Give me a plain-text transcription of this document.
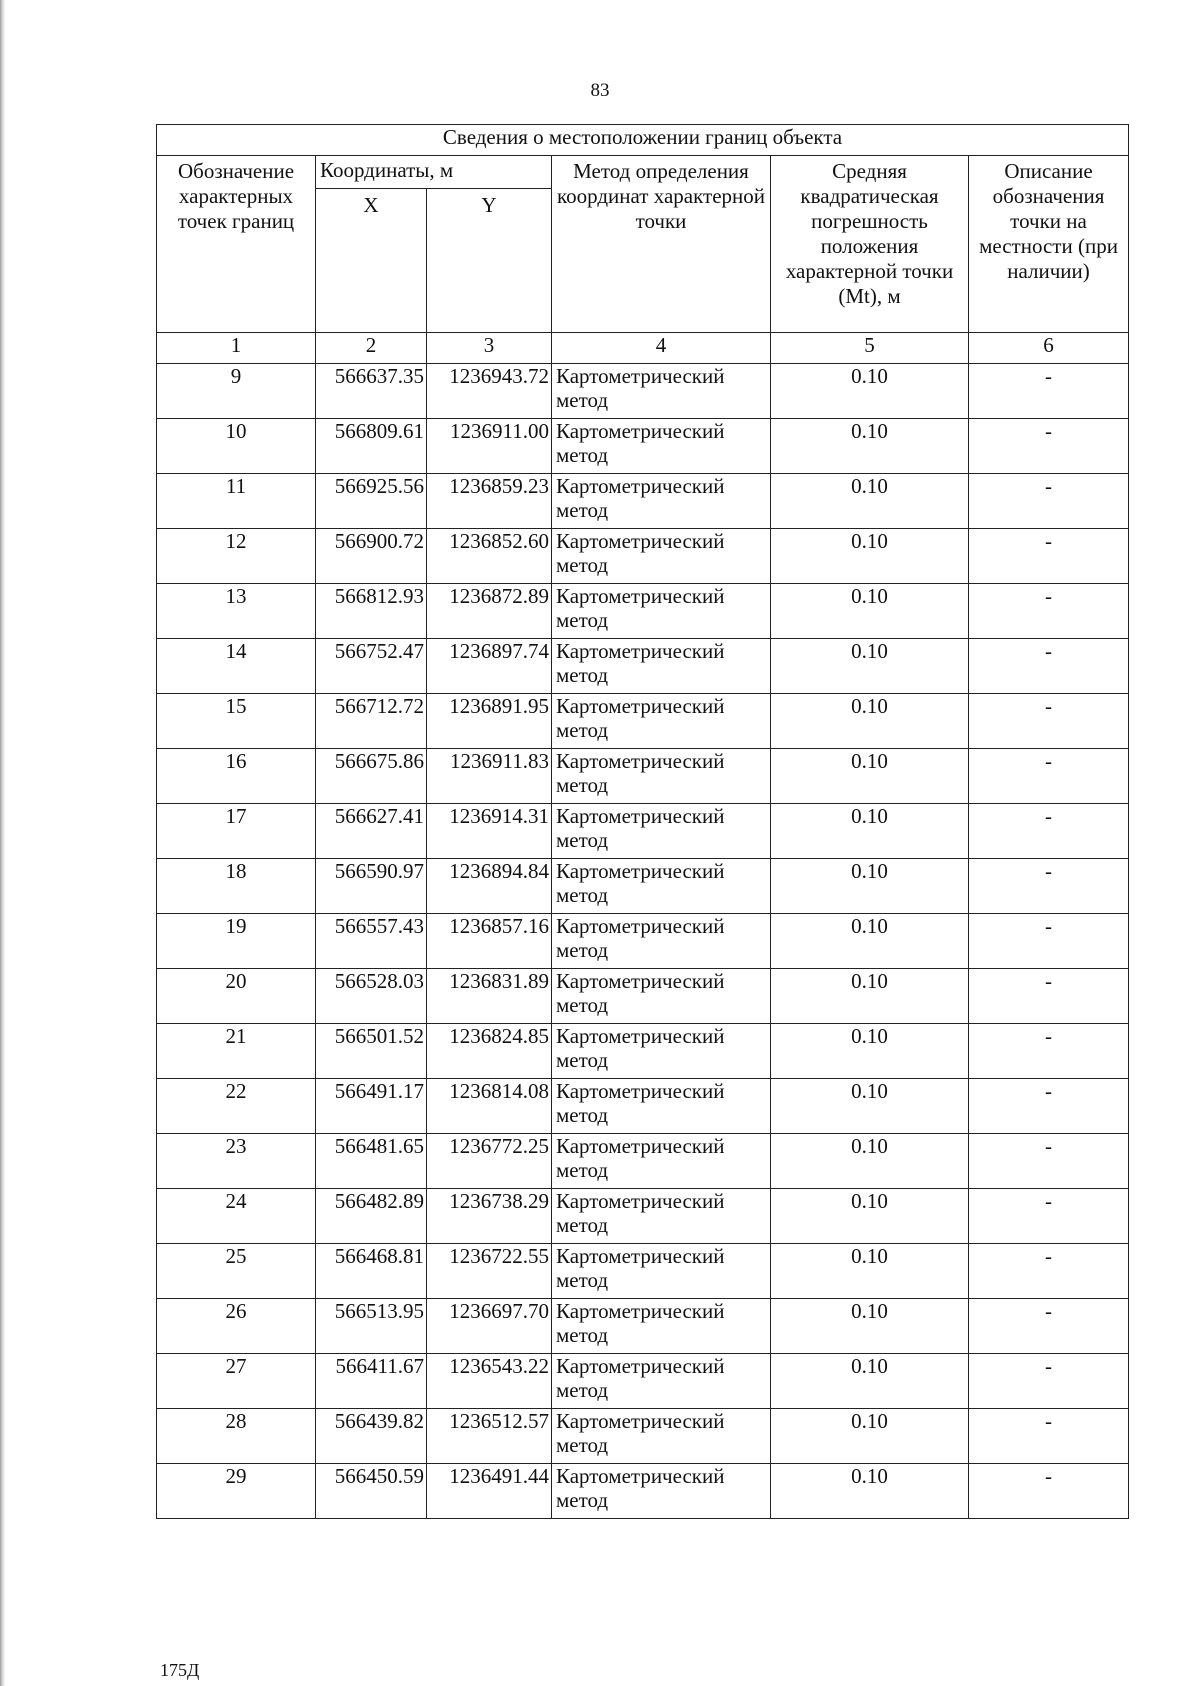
83
Сведения о местоположении границ объекта					
Обозначение характерных точек границ	Координаты, м		Метод определения координат характерной точки	Средняя квадратическая погрешность положения характерной точки (Mt), м	Описание обозначения точки на местности (при наличии)
	X	Y			
1	2	3	4	5	6
9	566637.35	1236943.72	Картометрический метод	0.10	-
10	566809.61	1236911.00	Картометрический метод	0.10	-
11	566925.56	1236859.23	Картометрический метод	0.10	-
12	566900.72	1236852.60	Картометрический метод	0.10	-
13	566812.93	1236872.89	Картометрический метод	0.10	-
14	566752.47	1236897.74	Картометрический метод	0.10	-
15	566712.72	1236891.95	Картометрический метод	0.10	-
16	566675.86	1236911.83	Картометрический метод	0.10	-
17	566627.41	1236914.31	Картометрический метод	0.10	-
18	566590.97	1236894.84	Картометрический метод	0.10	-
19	566557.43	1236857.16	Картометрический метод	0.10	-
20	566528.03	1236831.89	Картометрический метод	0.10	-
21	566501.52	1236824.85	Картометрический метод	0.10	-
22	566491.17	1236814.08	Картометрический метод	0.10	-
23	566481.65	1236772.25	Картометрический метод	0.10	-
24	566482.89	1236738.29	Картометрический метод	0.10	-
25	566468.81	1236722.55	Картометрический метод	0.10	-
26	566513.95	1236697.70	Картометрический метод	0.10	-
27	566411.67	1236543.22	Картометрический метод	0.10	-
28	566439.82	1236512.57	Картометрический метод	0.10	-
29	566450.59	1236491.44	Картометрический метод	0.10	-
175Д
